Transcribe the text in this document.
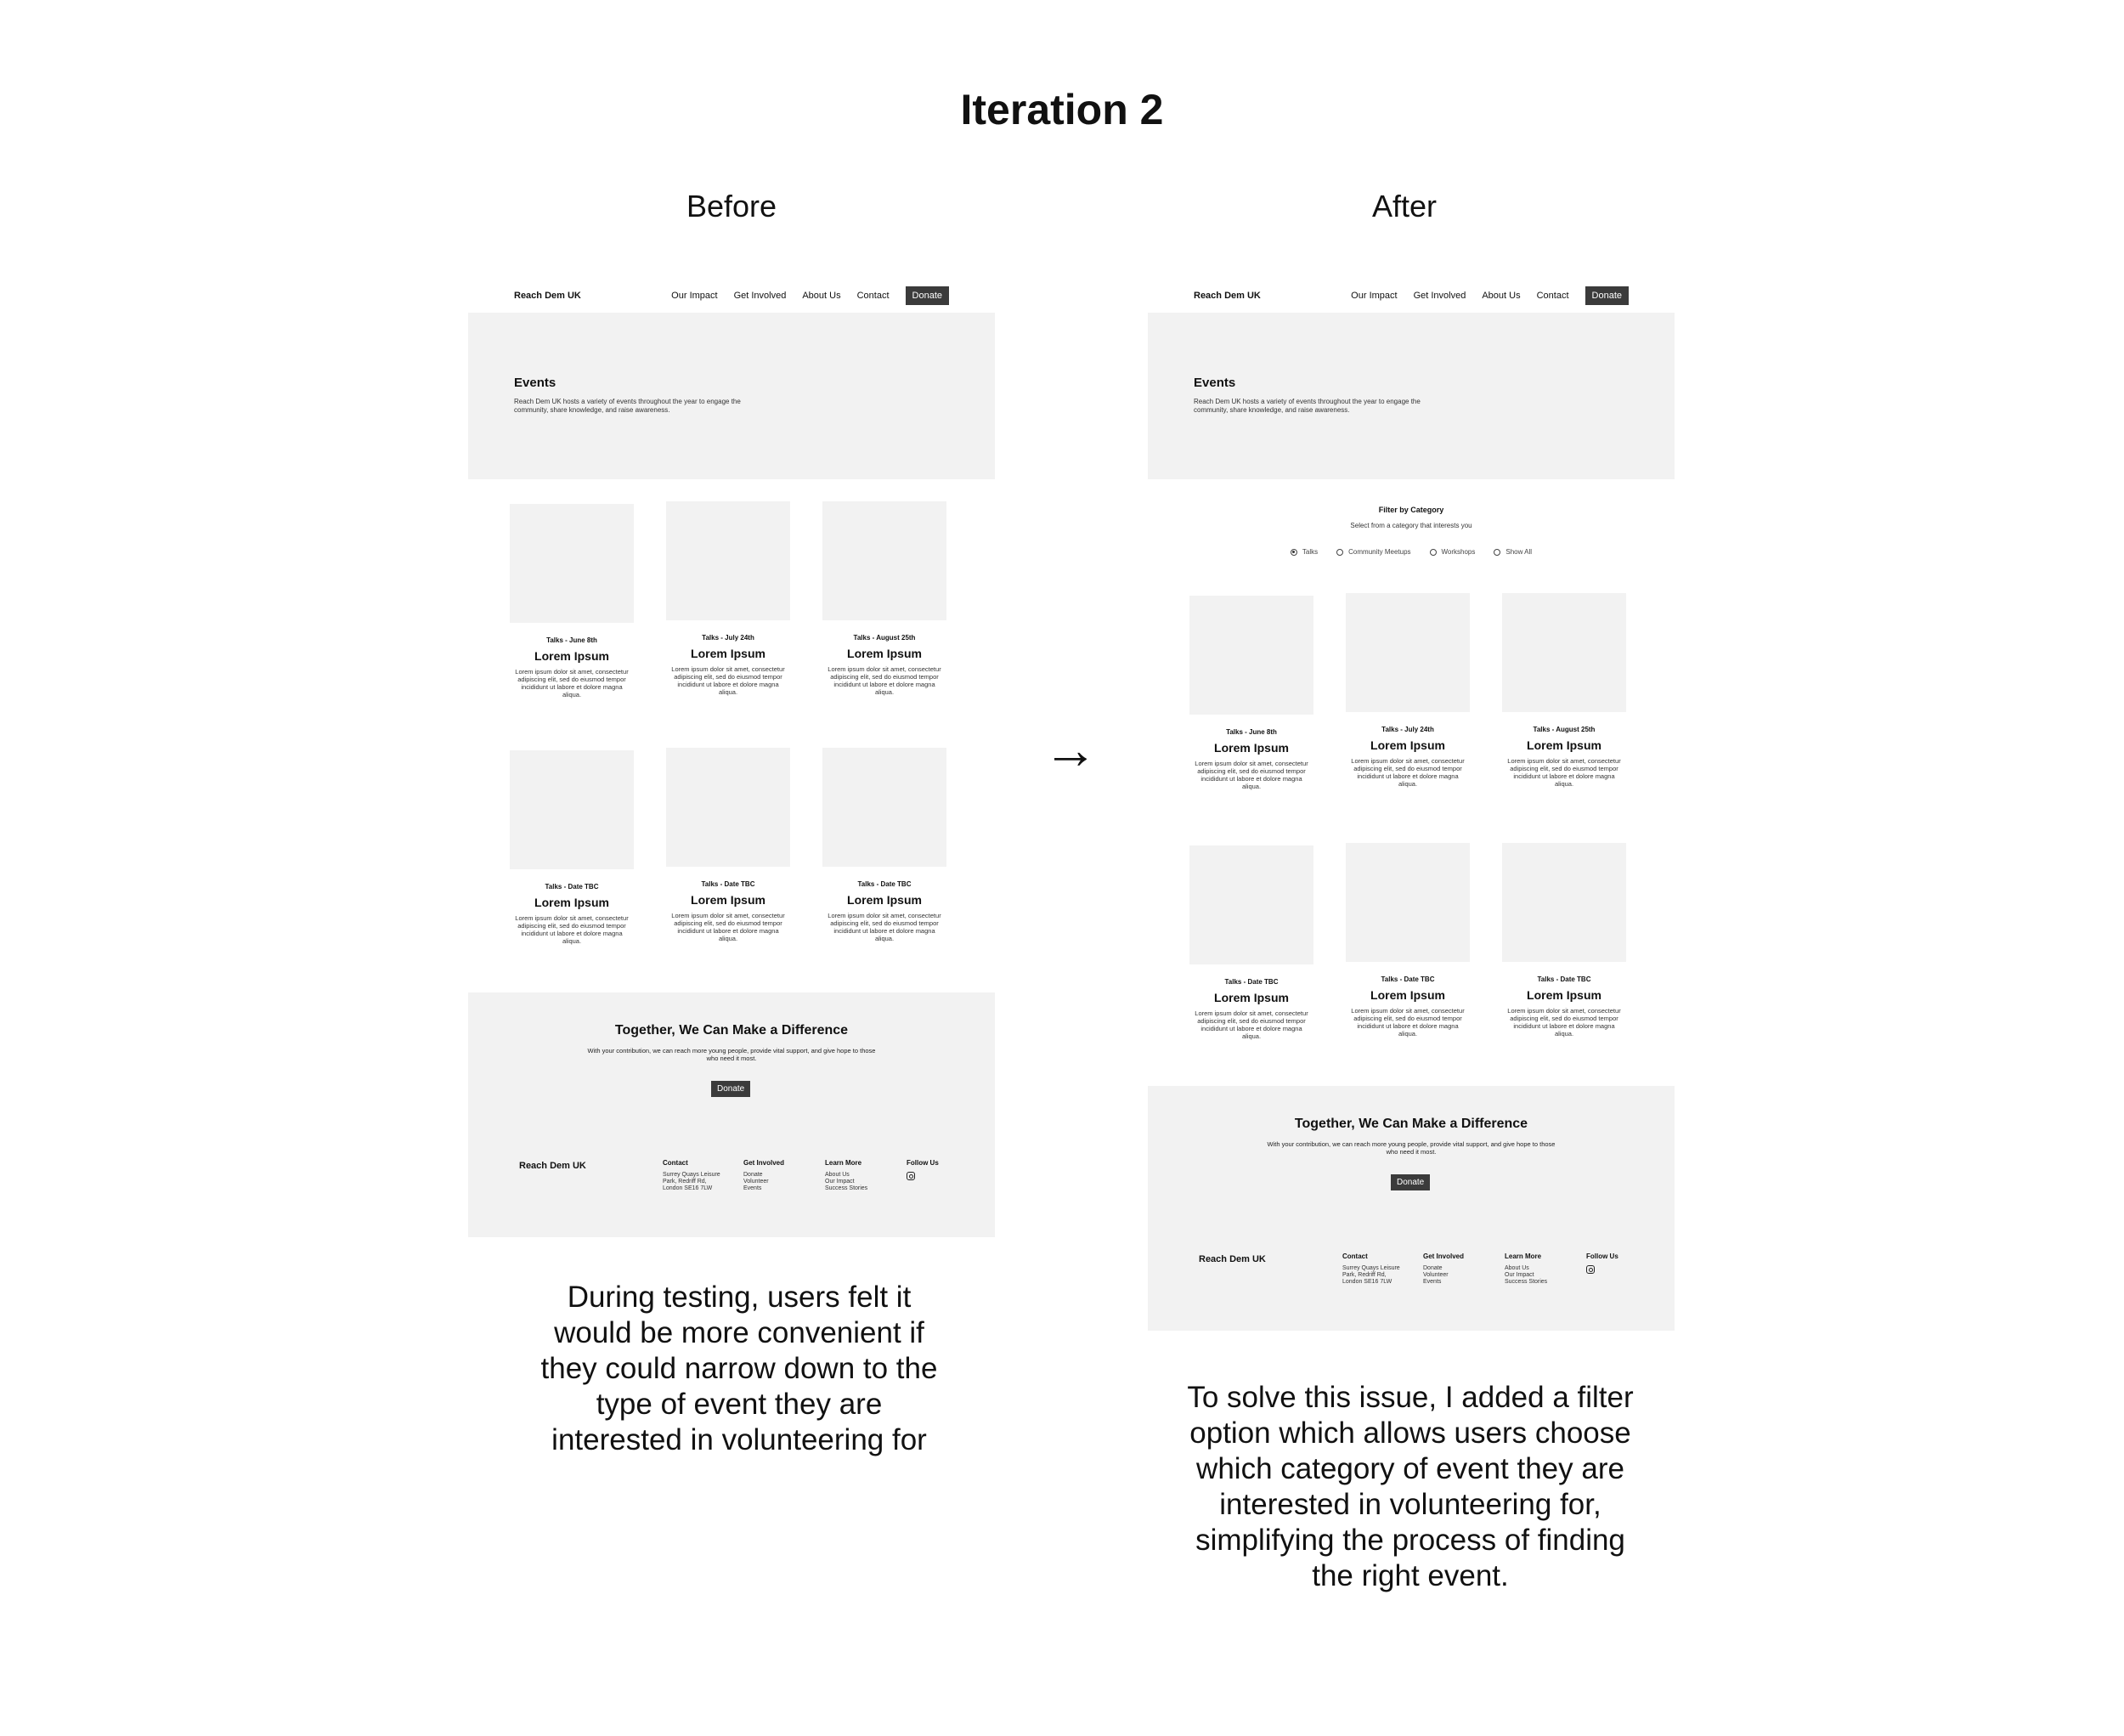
Iteration 2
Before	After
→
Reach Dem UK	Our Impact Get Involved About Us Contact	Donate
Events

Reach Dem UK hosts a variety of events throughout the year to engage the community, share knowledge, and raise awareness.

Together, We Can Make a Difference
With your contribution, we can reach more young people, provide vital support, and give hope to those who need it most.
Donate
Reach Dem UK	Contact
Surrey Quays Leisure
Park, Redriff Rd,
London SE16 7LW
Get Involved
Donate
Volunteer
Events
Learn More
About Us
Our Impact
Success Stories
Follow Us
Talks - June 8th
Lorem Ipsum
Lorem ipsum dolor sit amet, consectetur adipiscing elit, sed do eiusmod tempor incididunt ut labore et dolore magna aliqua.
Talks - July 24th
Lorem Ipsum
Lorem ipsum dolor sit amet, consectetur adipiscing elit, sed do eiusmod tempor incididunt ut labore et dolore magna aliqua.
Talks - August 25th
Lorem Ipsum
Lorem ipsum dolor sit amet, consectetur adipiscing elit, sed do eiusmod tempor incididunt ut labore et dolore magna aliqua.
Talks - Date TBC
Lorem Ipsum
Lorem ipsum dolor sit amet, consectetur adipiscing elit, sed do eiusmod tempor incididunt ut labore et dolore magna aliqua.
Talks - Date TBC
Lorem Ipsum
Lorem ipsum dolor sit amet, consectetur adipiscing elit, sed do eiusmod tempor incididunt ut labore et dolore magna aliqua.
Talks - Date TBC
Lorem Ipsum
Lorem ipsum dolor sit amet, consectetur adipiscing elit, sed do eiusmod tempor incididunt ut labore et dolore magna aliqua.
Reach Dem UK	Our Impact Get Involved About Us Contact	Donate
Events

Reach Dem UK hosts a variety of events throughout the year to engage the community, share knowledge, and raise awareness.

Filter by Category
Select from a category that interests you
Talks	Community Meetups	Workshops	Show All
Together, We Can Make a Difference
With your contribution, we can reach more young people, provide vital support, and give hope to those who need it most.
Donate
Reach Dem UK	Contact
Surrey Quays Leisure
Park, Redriff Rd,
London SE16 7LW
Get Involved
Donate
Volunteer
Events
Learn More
About Us
Our Impact
Success Stories
Follow Us
Talks - June 8th
Lorem Ipsum
Lorem ipsum dolor sit amet, consectetur adipiscing elit, sed do eiusmod tempor incididunt ut labore et dolore magna aliqua.
Talks - July 24th
Lorem Ipsum
Lorem ipsum dolor sit amet, consectetur adipiscing elit, sed do eiusmod tempor incididunt ut labore et dolore magna aliqua.
Talks - August 25th
Lorem Ipsum
Lorem ipsum dolor sit amet, consectetur adipiscing elit, sed do eiusmod tempor incididunt ut labore et dolore magna aliqua.
Talks - Date TBC
Lorem Ipsum
Lorem ipsum dolor sit amet, consectetur adipiscing elit, sed do eiusmod tempor incididunt ut labore et dolore magna aliqua.
Talks - Date TBC
Lorem Ipsum
Lorem ipsum dolor sit amet, consectetur adipiscing elit, sed do eiusmod tempor incididunt ut labore et dolore magna aliqua.
Talks - Date TBC
Lorem Ipsum
Lorem ipsum dolor sit amet, consectetur adipiscing elit, sed do eiusmod tempor incididunt ut labore et dolore magna aliqua.
During testing, users felt it would be more convenient if they could narrow down to the type of event they are interested in volunteering for
To solve this issue, I added a filter option which allows users choose which category of event they are interested in volunteering for, simplifying the process of finding the right event.
